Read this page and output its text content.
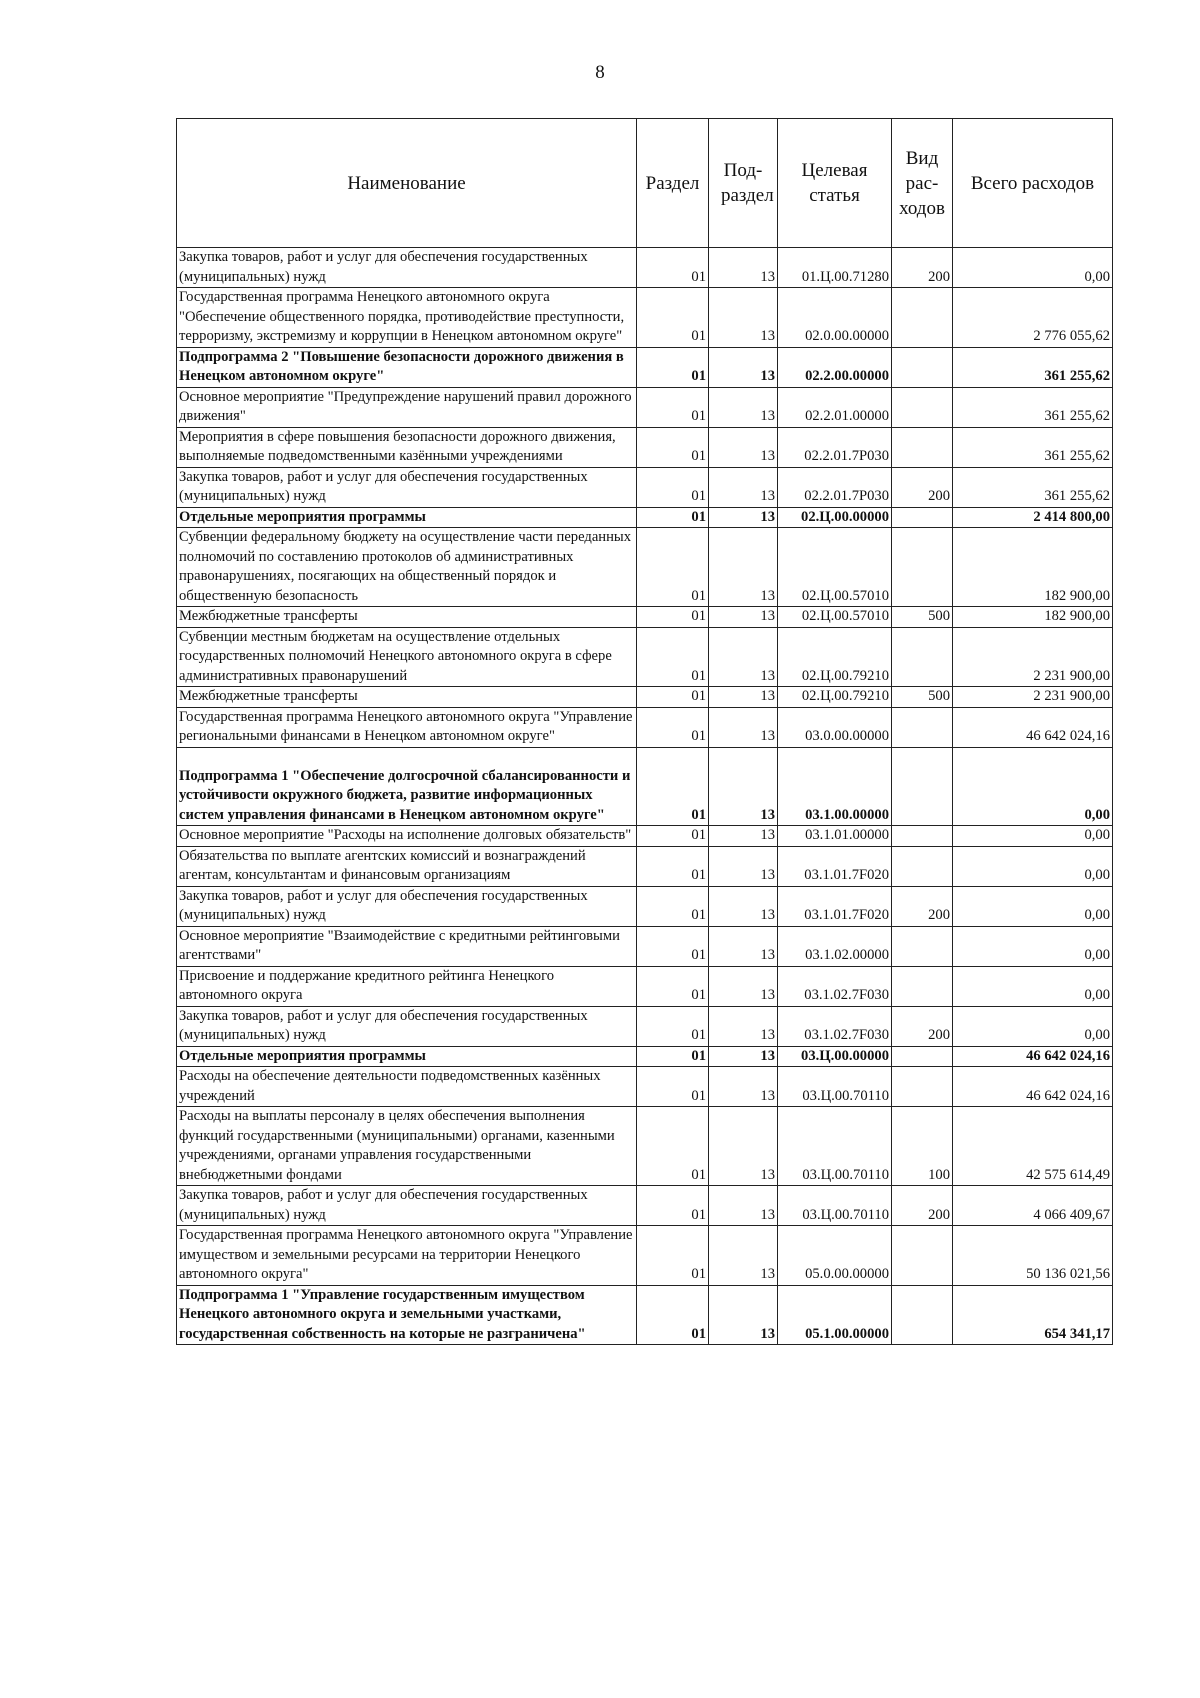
8
Наименование	Раздел	Под-раздел	Целевая статья	Вид рас-ходов	Всего расходов
Закупка товаров, работ и услуг для обеспечения государственных (муниципальных) нужд	01	13	01.Ц.00.71280	200	0,00
Государственная программа Ненецкого автономного округа "Обеспечение общественного порядка, противодействие преступности, терроризму, экстремизму и коррупции в Ненецком автономном округе"	01	13	02.0.00.00000		2 776 055,62
Подпрограмма 2 "Повышение безопасности дорожного движения в Ненецком автономном округе"	01	13	02.2.00.00000		361 255,62
Основное мероприятие "Предупреждение нарушений правил дорожного движения"	01	13	02.2.01.00000		361 255,62
Мероприятия в сфере повышения безопасности дорожного движения, выполняемые подведомственными казёнными учреждениями	01	13	02.2.01.7Р030		361 255,62
Закупка товаров, работ и услуг для обеспечения государственных (муниципальных) нужд	01	13	02.2.01.7Р030	200	361 255,62
Отдельные мероприятия программы	01	13	02.Ц.00.00000		2 414 800,00
Субвенции федеральному бюджету на осуществление части переданных полномочий по составлению протоколов об административных правонарушениях, посягающих на общественный порядок и общественную безопасность	01	13	02.Ц.00.57010		182 900,00
Межбюджетные трансферты	01	13	02.Ц.00.57010	500	182 900,00
Субвенции местным бюджетам на осуществление отдельных государственных полномочий Ненецкого автономного округа в сфере административных правонарушений	01	13	02.Ц.00.79210		2 231 900,00
Межбюджетные трансферты	01	13	02.Ц.00.79210	500	2 231 900,00
Государственная программа Ненецкого автономного округа "Управление региональными финансами в Ненецком автономном округе"	01	13	03.0.00.00000		46 642 024,16
Подпрограмма 1 "Обеспечение долгосрочной сбалансированности и устойчивости окружного бюджета, развитие информационных систем управления финансами в Ненецком автономном округе"	01	13	03.1.00.00000		0,00
Основное мероприятие "Расходы на исполнение долговых обязательств"	01	13	03.1.01.00000		0,00
Обязательства по выплате агентских комиссий и вознаграждений агентам, консультантам и финансовым организациям	01	13	03.1.01.7F020		0,00
Закупка товаров, работ и услуг для обеспечения государственных (муниципальных) нужд	01	13	03.1.01.7F020	200	0,00
Основное мероприятие "Взаимодействие с кредитными рейтинговыми агентствами"	01	13	03.1.02.00000		0,00
Присвоение и поддержание кредитного рейтинга Ненецкого автономного округа	01	13	03.1.02.7F030		0,00
Закупка товаров, работ и услуг для обеспечения государственных (муниципальных) нужд	01	13	03.1.02.7F030	200	0,00
Отдельные мероприятия программы	01	13	03.Ц.00.00000		46 642 024,16
Расходы на обеспечение деятельности подведомственных казённых учреждений	01	13	03.Ц.00.70110		46 642 024,16
Расходы на выплаты персоналу в целях обеспечения выполнения функций государственными (муниципальными) органами, казенными учреждениями, органами управления государственными внебюджетными фондами	01	13	03.Ц.00.70110	100	42 575 614,49
Закупка товаров, работ и услуг для обеспечения государственных (муниципальных) нужд	01	13	03.Ц.00.70110	200	4 066 409,67
Государственная программа Ненецкого автономного округа "Управление имуществом и земельными ресурсами на территории Ненецкого автономного округа"	01	13	05.0.00.00000		50 136 021,56
Подпрограмма 1 "Управление государственным имуществом Ненецкого автономного округа и земельными участками, государственная собственность на которые не разграничена"	01	13	05.1.00.00000		654 341,17
